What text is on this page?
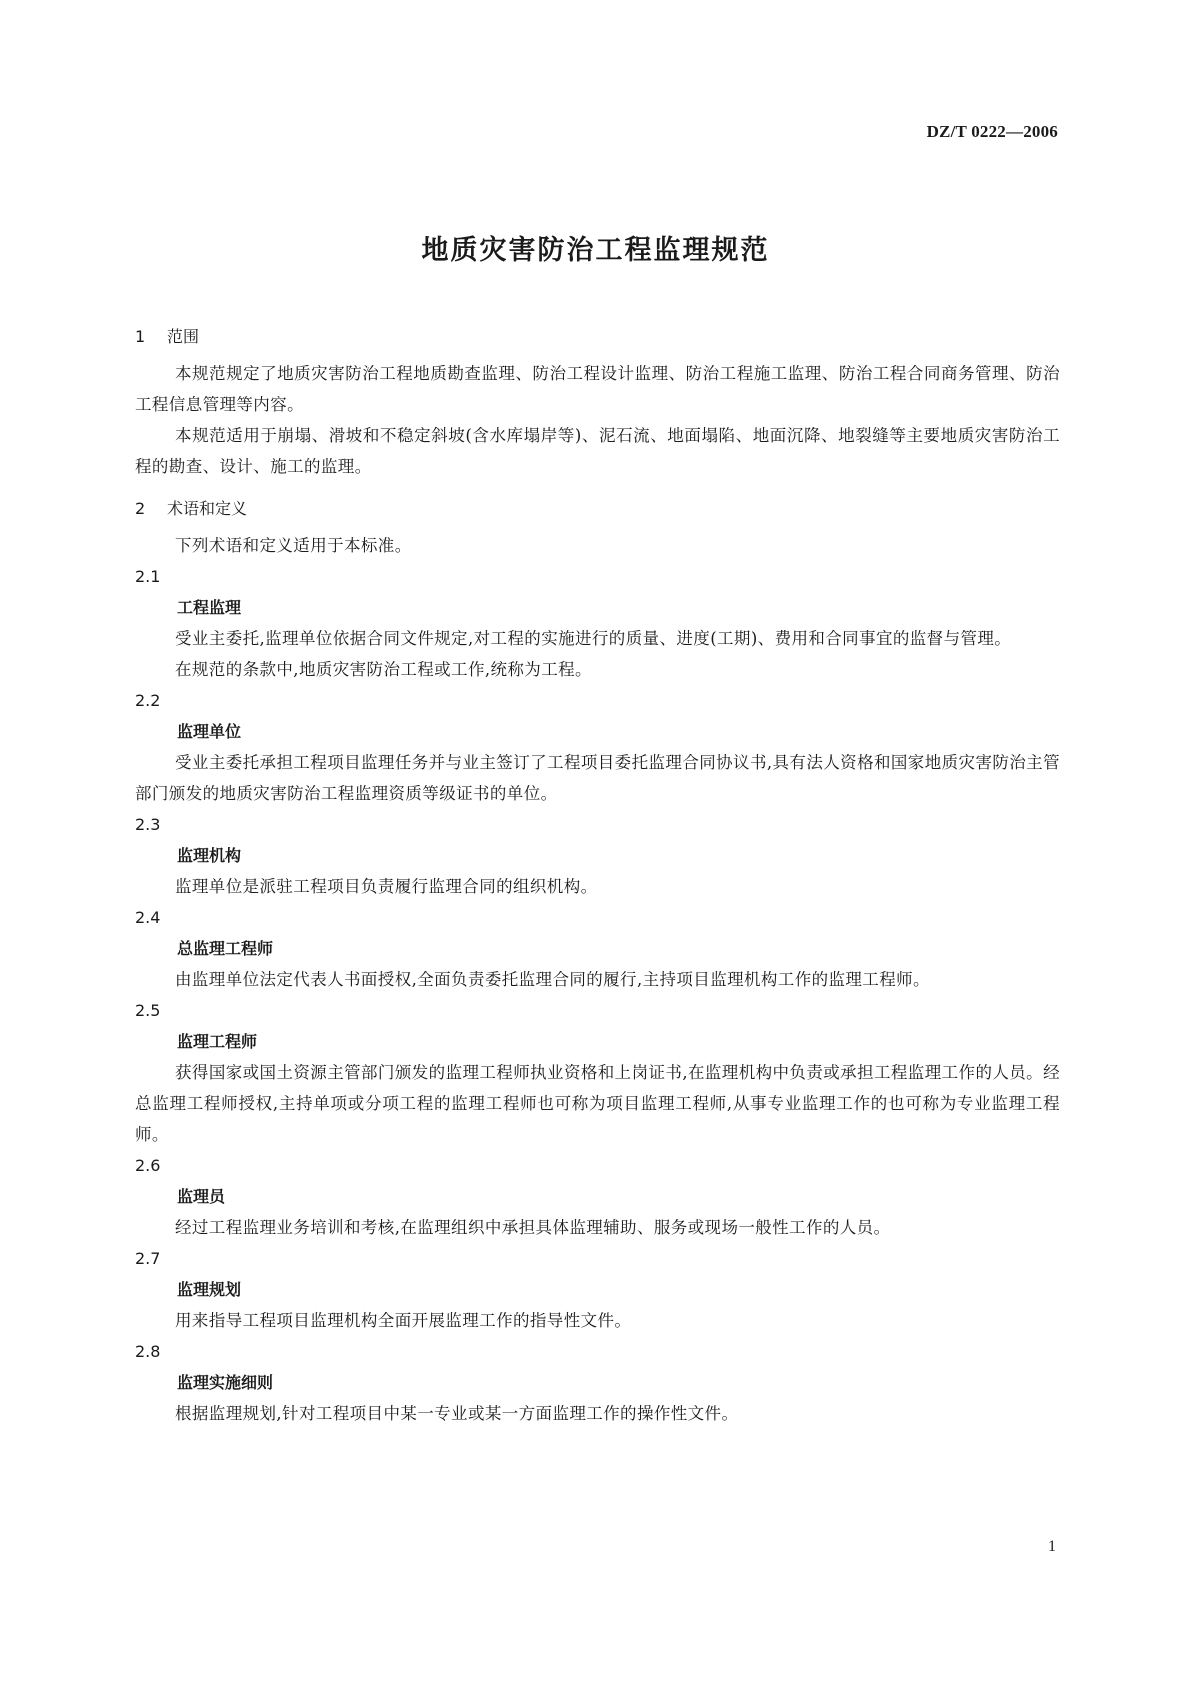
DZ/T 0222—2006
地质灾害防治工程监理规范
1 范围
本规范规定了地质灾害防治工程地质勘查监理、防治工程设计监理、防治工程施工监理、防治工程合同商务管理、防治工程信息管理等内容。
本规范适用于崩塌、滑坡和不稳定斜坡(含水库塌岸等)、泥石流、地面塌陷、地面沉降、地裂缝等主要地质灾害防治工程的勘查、设计、施工的监理。
2 术语和定义
下列术语和定义适用于本标准。
2.1
工程监理
受业主委托,监理单位依据合同文件规定,对工程的实施进行的质量、进度(工期)、费用和合同事宜的监督与管理。
在规范的条款中,地质灾害防治工程或工作,统称为工程。
2.2
监理单位
受业主委托承担工程项目监理任务并与业主签订了工程项目委托监理合同协议书,具有法人资格和国家地质灾害防治主管部门颁发的地质灾害防治工程监理资质等级证书的单位。
2.3
监理机构
监理单位是派驻工程项目负责履行监理合同的组织机构。
2.4
总监理工程师
由监理单位法定代表人书面授权,全面负责委托监理合同的履行,主持项目监理机构工作的监理工程师。
2.5
监理工程师
获得国家或国土资源主管部门颁发的监理工程师执业资格和上岗证书,在监理机构中负责或承担工程监理工作的人员。经总监理工程师授权,主持单项或分项工程的监理工程师也可称为项目监理工程师,从事专业监理工作的也可称为专业监理工程师。
2.6
监理员
经过工程监理业务培训和考核,在监理组织中承担具体监理辅助、服务或现场一般性工作的人员。
2.7
监理规划
用来指导工程项目监理机构全面开展监理工作的指导性文件。
2.8
监理实施细则
根据监理规划,针对工程项目中某一专业或某一方面监理工作的操作性文件。
1
